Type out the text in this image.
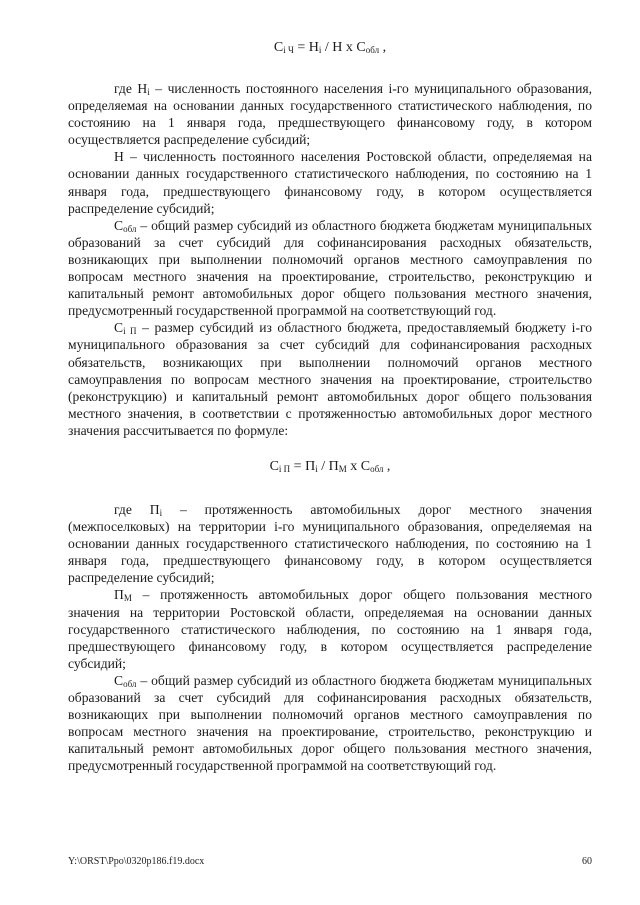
$C_{i Ч} = H_i / H$ x $C_{обл}$ ,

где $H_i$ – численность постоянного населения i-го муниципального образования, определяемая на основании данных государственного статистического наблюдения, по состоянию на 1 января года, предшествующего финансовому году, в котором осуществляется распределение субсидий;

H – численность постоянного населения Ростовской области, определяемая на основании данных государственного статистического наблюдения, по состоянию на 1 января года, предшествующего финансовому году, в котором осуществляется распределение субсидий;

$C_{обл}$ – общий размер субсидий из областного бюджета бюджетам муниципальных образований за счет субсидий для софинансирования расходных обязательств, возникающих при выполнении полномочий органов местного самоуправления по вопросам местного значения на проектирование, строительство, реконструкцию и капитальный ремонт автомобильных дорог общего пользования местного значения, предусмотренный государственной программой на соответствующий год.

$C_{i П}$ – размер субсидий из областного бюджета, предоставляемый бюджету i-го муниципального образования за счет субсидий для софинансирования расходных обязательств, возникающих при выполнении полномочий органов местного самоуправления по вопросам местного значения на проектирование, строительство (реконструкцию) и капитальный ремонт автомобильных дорог общего пользования местного значения, в соответствии с протяженностью автомобильных дорог местного значения рассчитывается по формуле:

$C_{i П} = П_i / П_М$ x $C_{обл}$ ,

где $П_i$ – протяженность автомобильных дорог местного значения (межпоселковых) на территории i-го муниципального образования, определяемая на основании данных государственного статистического наблюдения, по состоянию на 1 января года, предшествующего финансовому году, в котором осуществляется распределение субсидий;

$П_М$ – протяженность автомобильных дорог общего пользования местного значения на территории Ростовской области, определяемая на основании данных государственного статистического наблюдения, по состоянию на 1 января года, предшествующего финансовому году, в котором осуществляется распределение субсидий;

$C_{обл}$ – общий размер субсидий из областного бюджета бюджетам муниципальных образований за счет субсидий для софинансирования расходных обязательств, возникающих при выполнении полномочий органов местного самоуправления по вопросам местного значения на проектирование, строительство, реконструкцию и капитальный ремонт автомобильных дорог общего пользования местного значения, предусмотренный государственной программой на соответствующий год.

Y:\ORST\Ppo\0320p186.f19.docx	60
